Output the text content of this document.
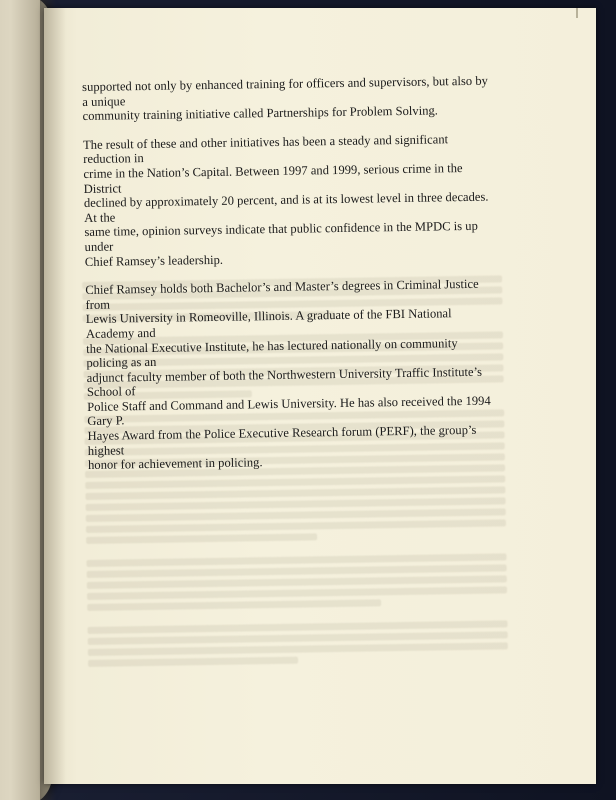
supported not only by enhanced training for officers and supervisors, but also by a unique
community training initiative called Partnerships for Problem Solving.

The result of these and other initiatives has been a steady and significant reduction in
crime in the Nation’s Capital. Between 1997 and 1999, serious crime in the District
declined by approximately 20 percent, and is at its lowest level in three decades. At the
same time, opinion surveys indicate that public confidence in the MPDC is up under
Chief Ramsey’s leadership.

Chief Ramsey holds both Bachelor’s and Master’s degrees in Criminal Justice from
Lewis University in Romeoville, Illinois. A graduate of the FBI National Academy and
the National Executive Institute, he has lectured nationally on community policing as an
adjunct faculty member of both the Northwestern University Traffic Institute’s School of
Police Staff and Command and Lewis University. He has also received the 1994 Gary P.
Hayes Award from the Police Executive Research forum (PERF), the group’s highest
honor for achievement in policing.
